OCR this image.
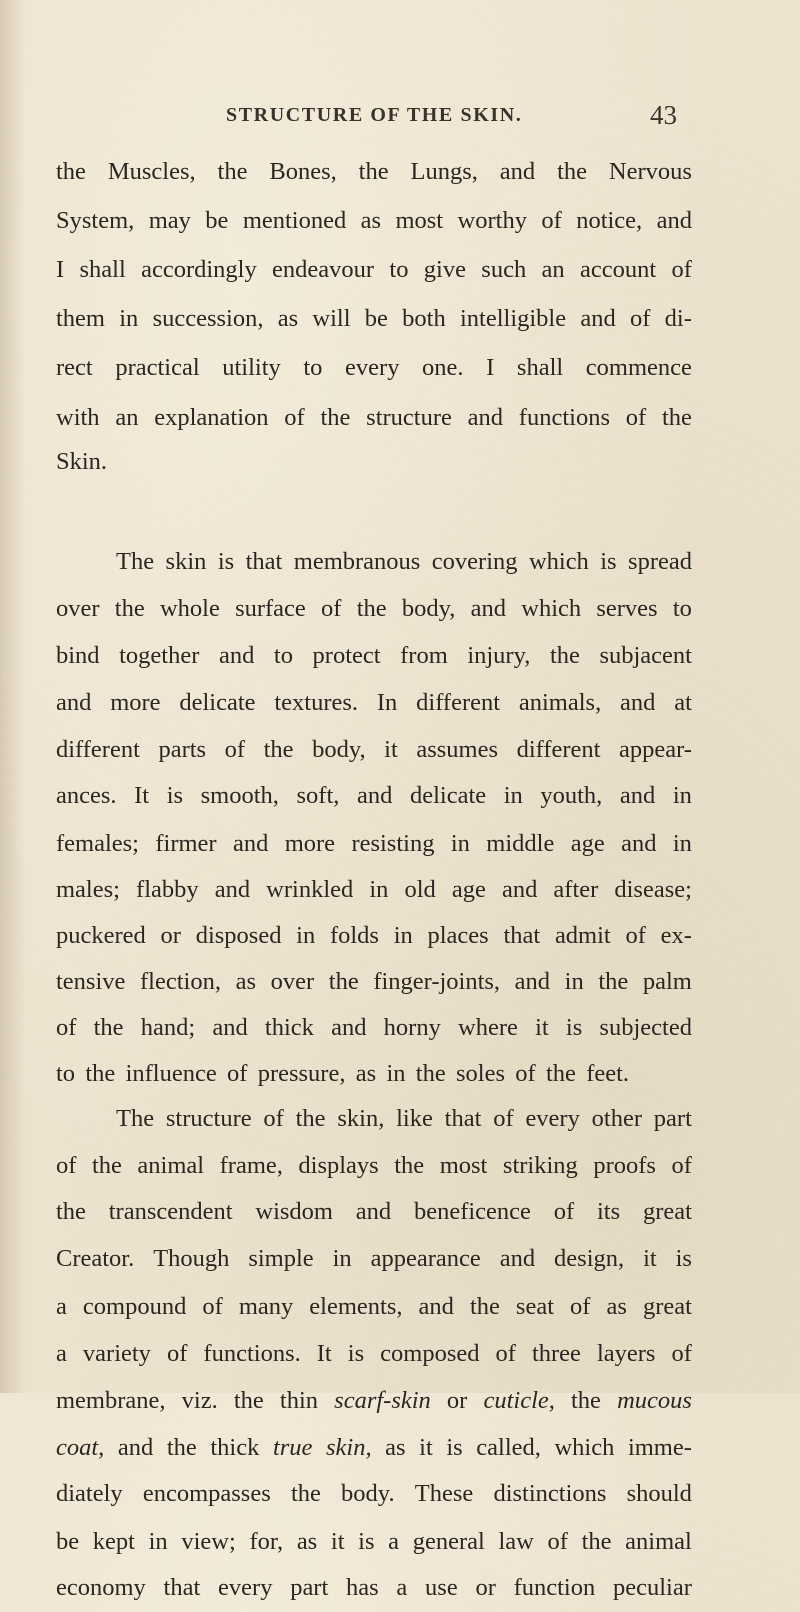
STRUCTURE OF THE SKIN.	43
the Muscles, the Bones, the Lungs, and the Nervous
System, may be mentioned as most worthy of notice, and
I shall accordingly endeavour to give such an account of
them in succession, as will be both intelligible and of di-
rect practical utility to every one. I shall commence
with an explanation of the structure and functions of the
Skin.
The skin is that membranous covering which is spread
over the whole surface of the body, and which serves to
bind together and to protect from injury, the subjacent
and more delicate textures. In different animals, and at
different parts of the body, it assumes different appear-
ances. It is smooth, soft, and delicate in youth, and in
females; firmer and more resisting in middle age and in
males; flabby and wrinkled in old age and after disease;
puckered or disposed in folds in places that admit of ex-
tensive flection, as over the finger-joints, and in the palm
of the hand; and thick and horny where it is subjected
to the influence of pressure, as in the soles of the feet.
The structure of the skin, like that of every other part
of the animal frame, displays the most striking proofs of
the transcendent wisdom and beneficence of its great
Creator. Though simple in appearance and design, it is
a compound of many elements, and the seat of as great
a variety of functions. It is composed of three layers of
membrane, viz. the thin scarf-skin or cuticle, the mucous
coat, and the thick true skin, as it is called, which imme-
diately encompasses the body. These distinctions should
be kept in view; for, as it is a general law of the animal
economy that every part has a use or function peculiar
